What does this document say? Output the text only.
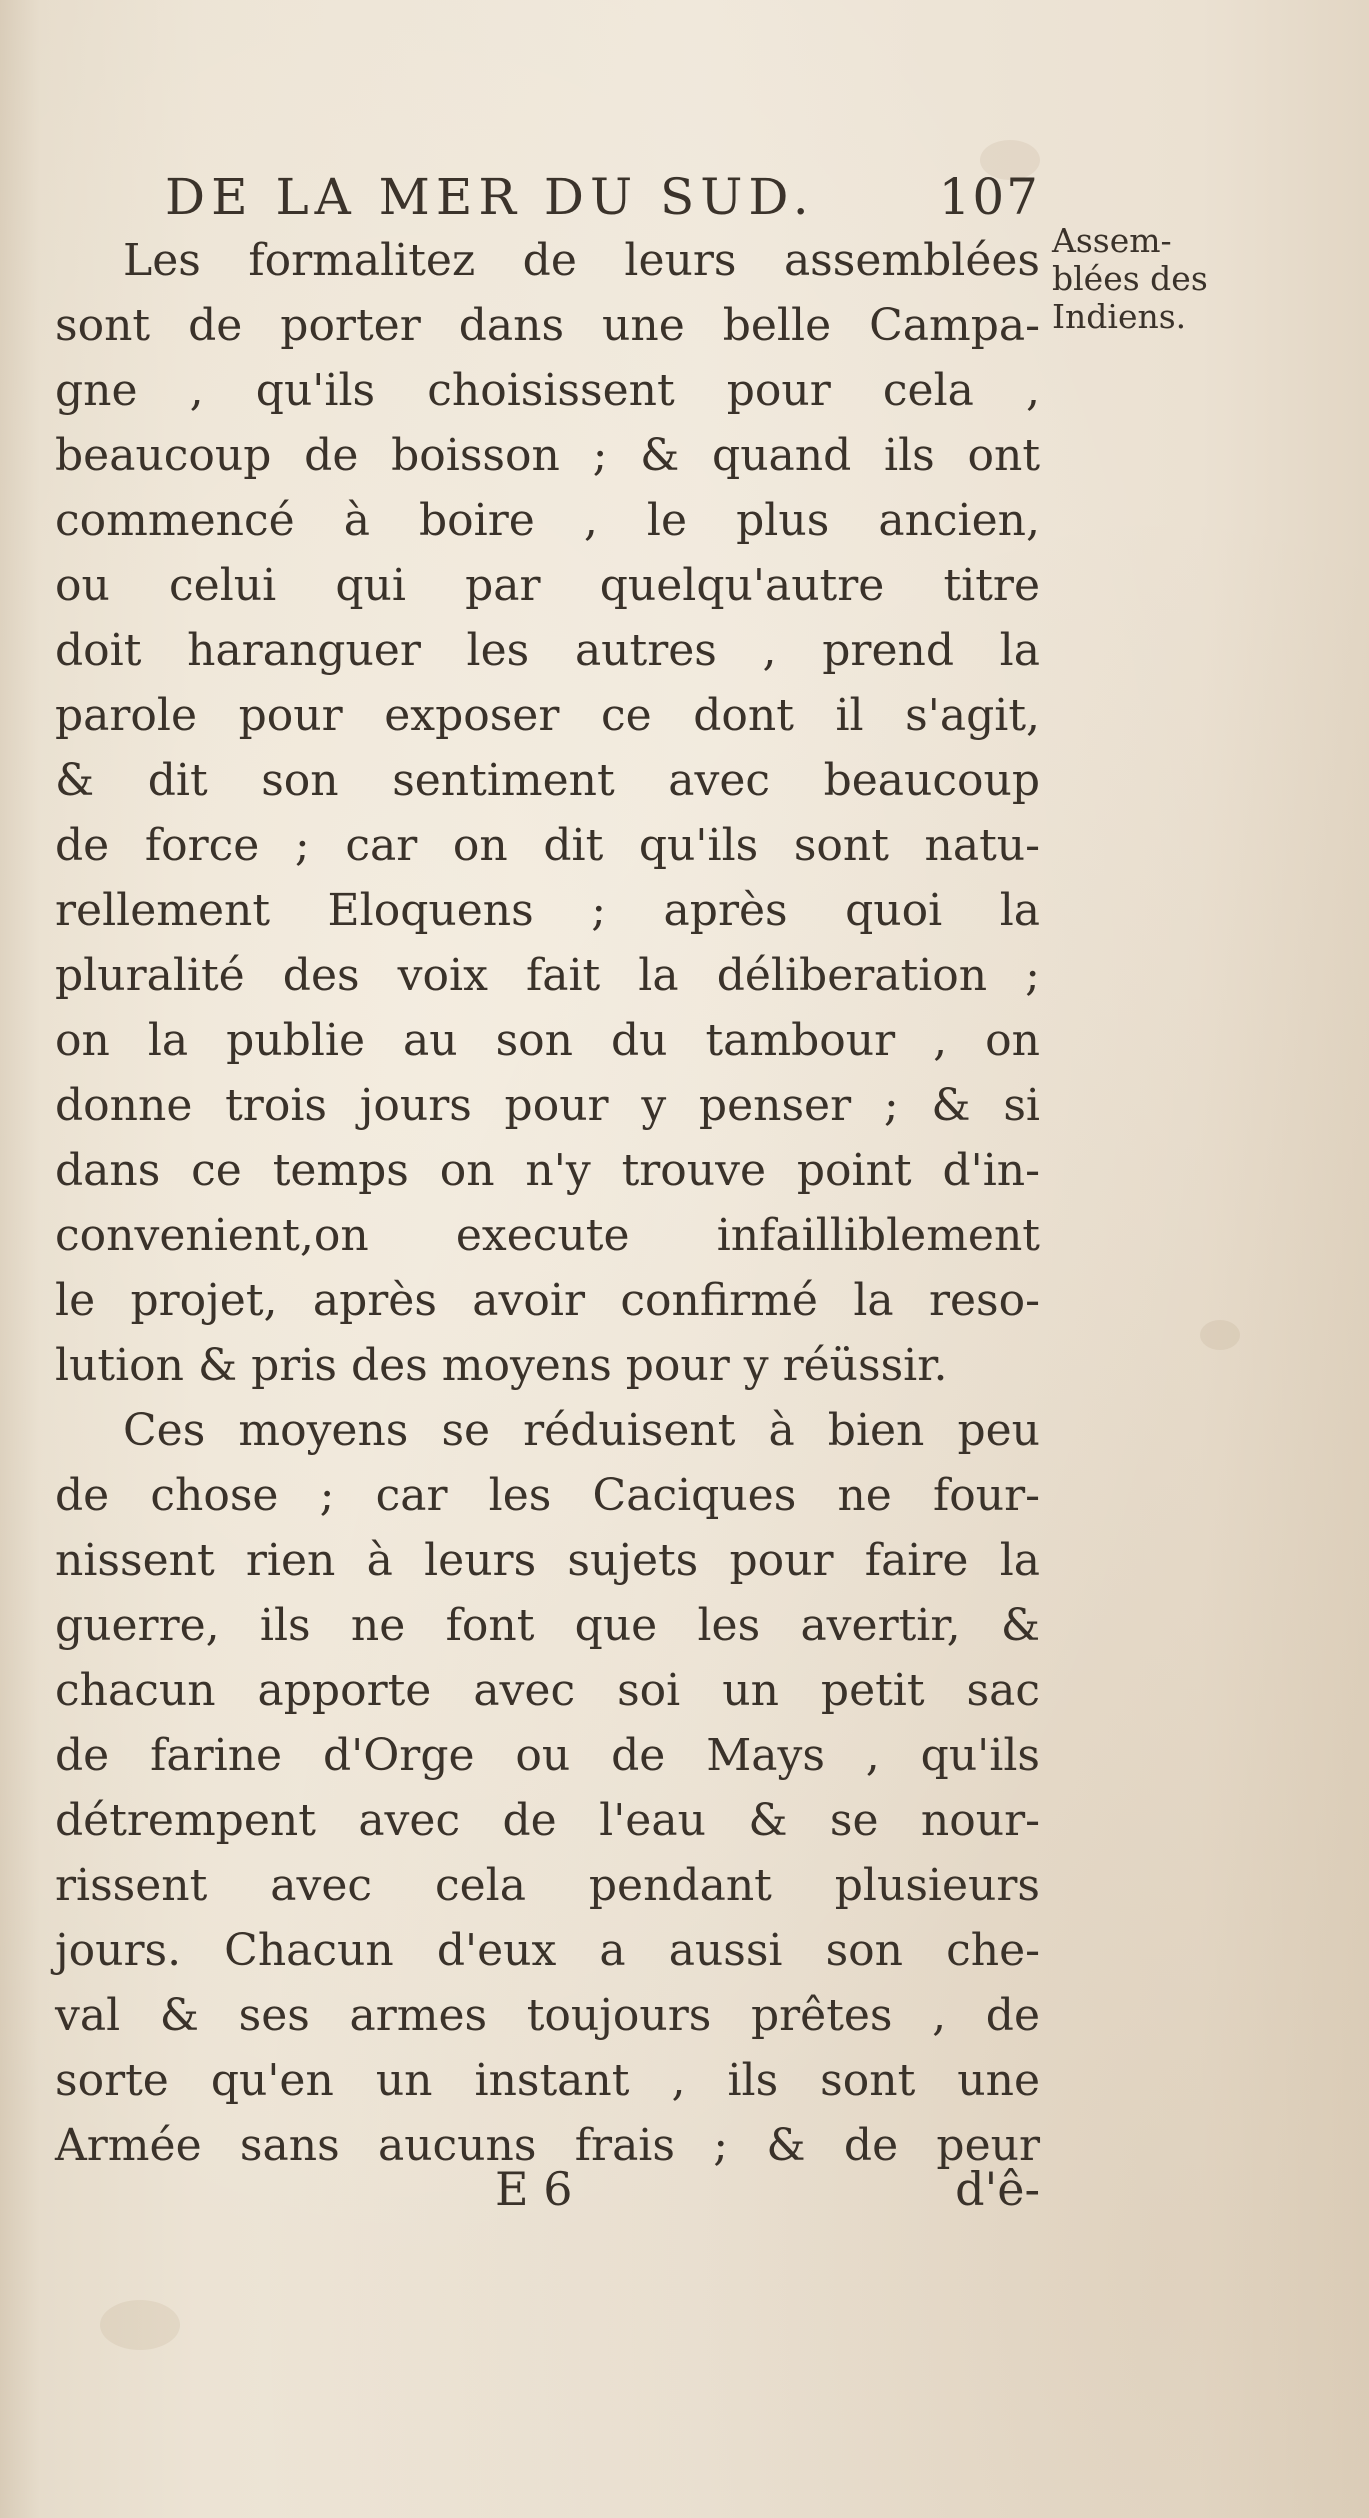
DE LA MER DU SUD. 107
Assem-
blées des
Indiens.
Les formalitez de leurs assemblées
sont de porter dans une belle Campa-
gne , qu'ils choisissent pour cela ,
beaucoup de boisson ; & quand ils ont
commencé à boire , le plus ancien,
ou celui qui par quelqu'autre titre
doit haranguer les autres , prend la
parole pour exposer ce dont il s'agit,
& dit son sentiment avec beaucoup
de force ; car on dit qu'ils sont natu-
rellement Eloquens ; après quoi la
pluralité des voix fait la déliberation ;
on la publie au son du tambour , on
donne trois jours pour y penser ; & si
dans ce temps on n'y trouve point d'in-
convenient,on execute infailliblement
le projet, après avoir confirmé la reso-
lution & pris des moyens pour y réüssir.
Ces moyens se réduisent à bien peu
de chose ; car les Caciques ne four-
nissent rien à leurs sujets pour faire la
guerre, ils ne font que les avertir, &
chacun apporte avec soi un petit sac
de farine d'Orge ou de Mays , qu'ils
détrempent avec de l'eau & se nour-
rissent avec cela pendant plusieurs
jours. Chacun d'eux a aussi son che-
val & ses armes toujours prêtes , de
sorte qu'en un instant , ils sont une
Armée sans aucuns frais ; & de peur
E 6	d'ê-
